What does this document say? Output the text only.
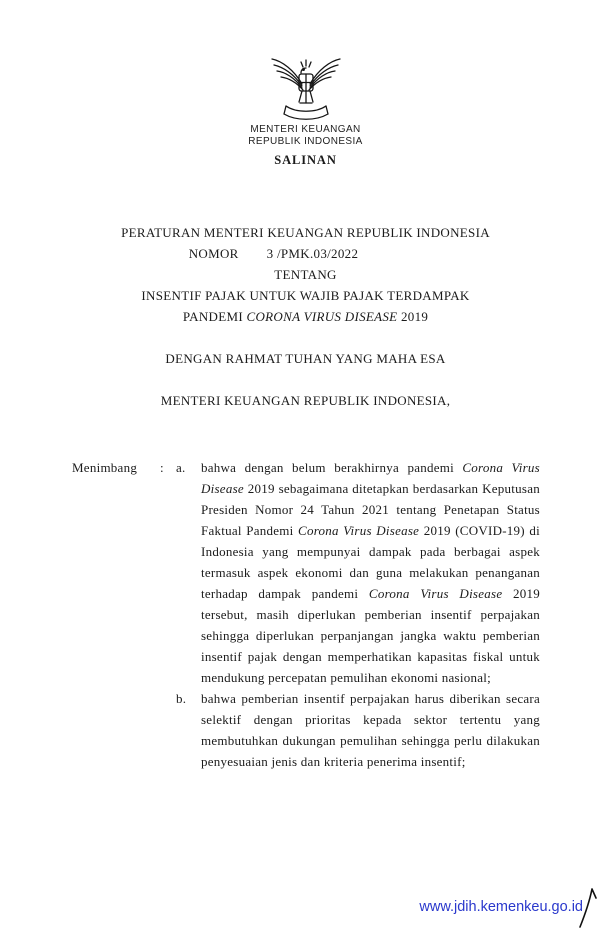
MENTERI KEUANGAN
REPUBLIK INDONESIA
SALINAN
PERATURAN MENTERI KEUANGAN REPUBLIK INDONESIA
NOMOR 3 /PMK.03/2022
TENTANG
INSENTIF PAJAK UNTUK WAJIB PAJAK TERDAMPAK
PANDEMI CORONA VIRUS DISEASE 2019
DENGAN RAHMAT TUHAN YANG MAHA ESA
MENTERI KEUANGAN REPUBLIK INDONESIA,
Menimbang	: a.	bahwa dengan belum berakhirnya pandemi Corona Virus Disease 2019 sebagaimana ditetapkan berdasarkan Keputusan Presiden Nomor 24 Tahun 2021 tentang Penetapan Status Faktual Pandemi Corona Virus Disease 2019 (COVID-19) di Indonesia yang mempunyai dampak pada berbagai aspek termasuk aspek ekonomi dan guna melakukan penanganan terhadap dampak pandemi Corona Virus Disease 2019 tersebut, masih diperlukan pemberian insentif perpajakan sehingga diperlukan perpanjangan jangka waktu pemberian insentif pajak dengan memperhatikan kapasitas fiskal untuk mendukung percepatan pemulihan ekonomi nasional;

b.	bahwa pemberian insentif perpajakan harus diberikan secara selektif dengan prioritas kepada sektor tertentu yang membutuhkan dukungan pemulihan sehingga perlu dilakukan penyesuaian jenis dan kriteria penerima insentif;

www.jdih.kemenkeu.go.id
